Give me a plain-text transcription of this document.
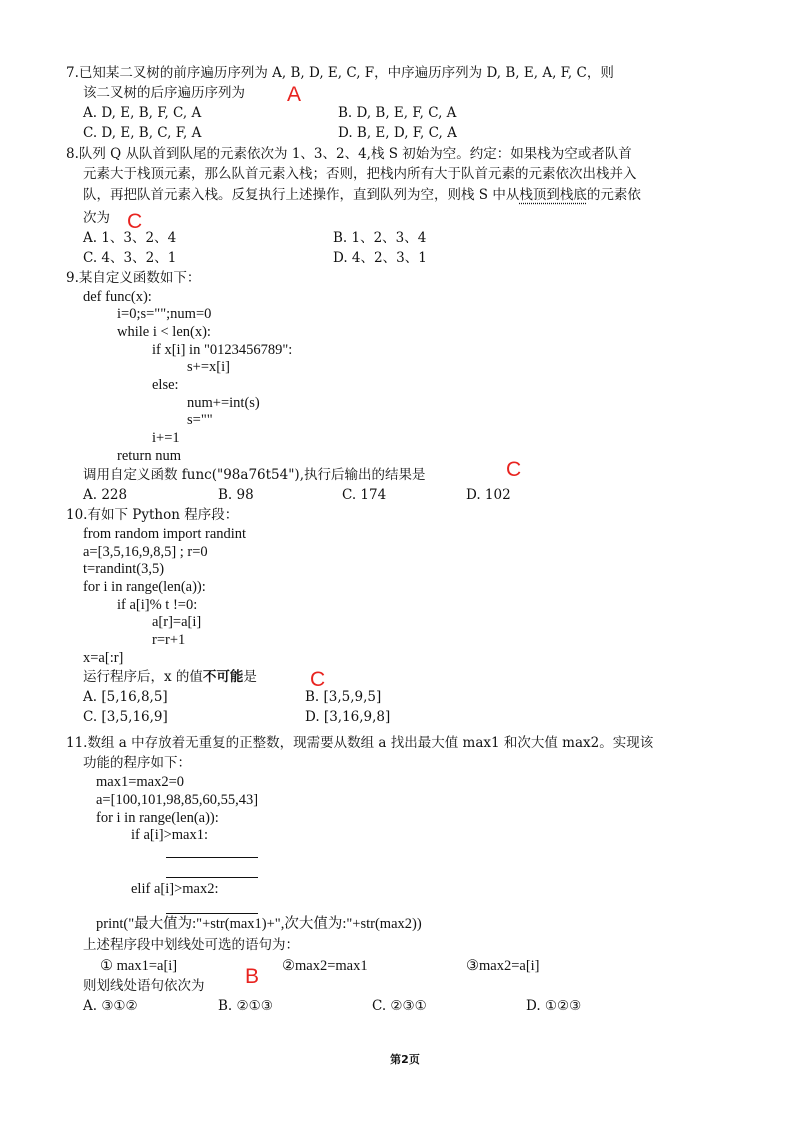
7.已知某二叉树的前序遍历序列为 A, B, D, E, C, F，中序遍历序列为 D, B, E, A, F, C，则
该二叉树的后序遍历序列为 A
A. D, E, B, F, C, A	B. D, B, E, F, C, A
C. D, E, B, C, F, A	D. B, E, D, F, C, A
8.队列 Q 从队首到队尾的元素依次为 1、3、2、4,栈 S 初始为空。约定：如果栈为空或者队首
元素大于栈顶元素，那么队首元素入栈；否则，把栈内所有大于队首元素的元素依次出栈并入
队，再把队首元素入栈。反复执行上述操作，直到队列为空，则栈 S 中从栈顶到栈底的元素依
次为 C
A. 1、3、2、4	B. 1、2、3、4
C. 4、3、2、1	D. 4、2、3、1
9.某自定义函数如下：
def func(x):
i=0;s="";num=0
while i < len(x):
if x[i] in "0123456789":
s+=x[i]
else:
num+=int(s)
s=""
i+=1
return num
调用自定义函数 func("98a76t54"),执行后输出的结果是	C
A. 228	B. 98	C. 174	D. 102
10.有如下 Python 程序段：
from random import randint
a=[3,5,16,9,8,5] ; r=0
t=randint(3,5)
for i in range(len(a)):
if a[i]% t !=0:
a[r]=a[i]
r=r+1
x=a[:r]
运行程序后，x 的值不可能是	C
A. [5,16,8,5]	B. [3,5,9,5]
C. [3,5,16,9]	D. [3,16,9,8]
11.数组 a 中存放着无重复的正整数，现需要从数组 a 找出最大值 max1 和次大值 max2。实现该
功能的程序如下：
max1=max2=0
a=[100,101,98,85,60,55,43]
for i in range(len(a)):
if a[i]>max1:
elif a[i]>max2:
print("最大值为:"+str(max1)+",次大值为:"+str(max2))
上述程序段中划线处可选的语句为：
① max1=a[i]	②max2=max1	③max2=a[i]
则划线处语句依次为 B
A. ③①②	B. ②①③	C. ②③①	D. ①②③
第2页
